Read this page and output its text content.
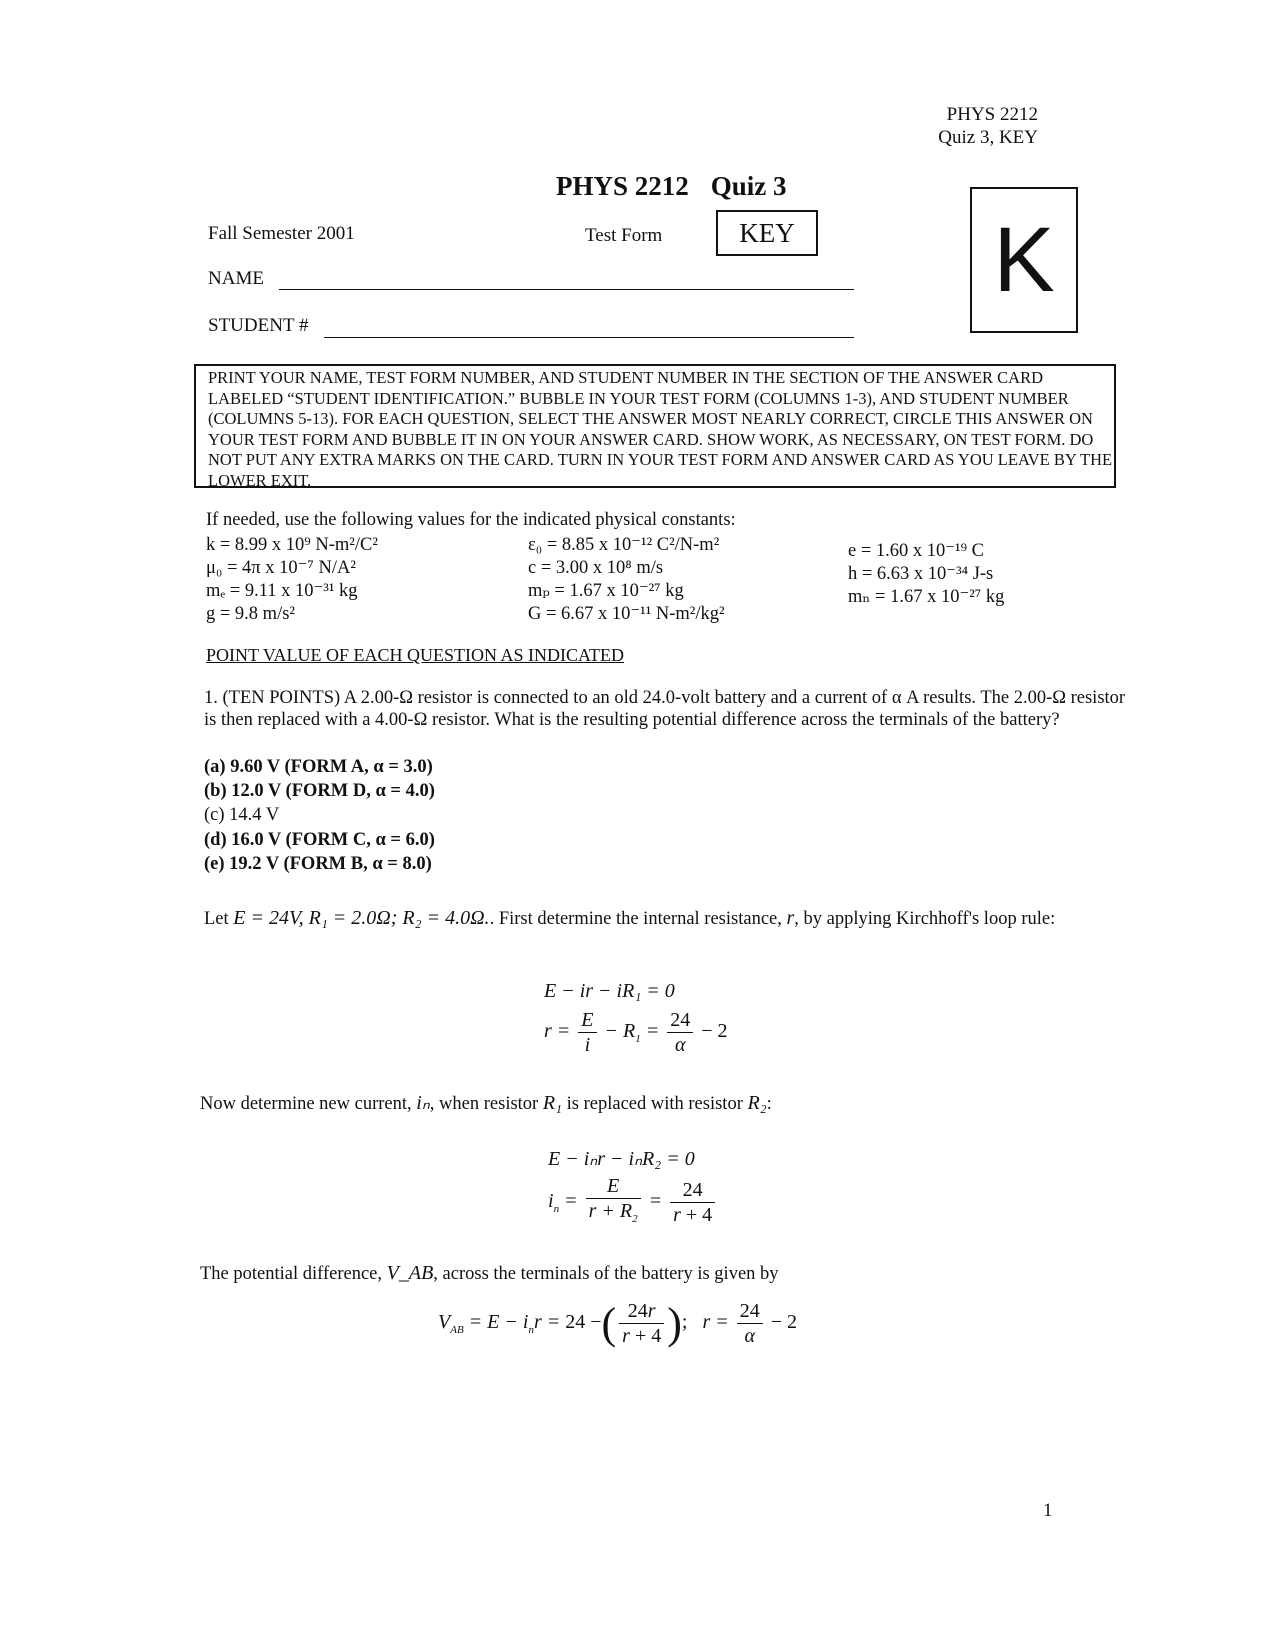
PHYS 2212
Quiz 3, KEY
PHYS 2212 Quiz 3
K
Fall Semester 2001	Test Form	KEY
NAME
STUDENT #
PRINT YOUR NAME, TEST FORM NUMBER, AND STUDENT NUMBER IN THE SECTION OF THE ANSWER CARD LABELED “STUDENT IDENTIFICATION.” BUBBLE IN YOUR TEST FORM (COLUMNS 1-3), AND STUDENT NUMBER (COLUMNS 5-13). FOR EACH QUESTION, SELECT THE ANSWER MOST NEARLY CORRECT, CIRCLE THIS ANSWER ON YOUR TEST FORM AND BUBBLE IT IN ON YOUR ANSWER CARD. SHOW WORK, AS NECESSARY, ON TEST FORM. DO NOT PUT ANY EXTRA MARKS ON THE CARD. TURN IN YOUR TEST FORM AND ANSWER CARD AS YOU LEAVE BY THE LOWER EXIT.
If needed, use the following values for the indicated physical constants:
k = 8.99 x 10⁹ N-m²/C²
μ₀ = 4π x 10⁻⁷ N/A²
mₑ = 9.11 x 10⁻³¹ kg
g = 9.8 m/s²
ε₀ = 8.85 x 10⁻¹² C²/N-m²
c = 3.00 x 10⁸ m/s
mₚ = 1.67 x 10⁻²⁷ kg
G = 6.67 x 10⁻¹¹ N-m²/kg²
e = 1.60 x 10⁻¹⁹ C
h = 6.63 x 10⁻³⁴ J-s
mₙ = 1.67 x 10⁻²⁷ kg
POINT VALUE OF EACH QUESTION AS INDICATED
1. (TEN POINTS) A 2.00-Ω resistor is connected to an old 24.0-volt battery and a current of α A results. The 2.00-Ω resistor is then replaced with a 4.00-Ω resistor. What is the resulting potential difference across the terminals of the battery?
(a) 9.60 V (FORM A, α = 3.0)
(b) 12.0 V (FORM D, α = 4.0)
(c) 14.4 V
(d) 16.0 V (FORM C, α = 6.0)
(e) 19.2 V (FORM B, α = 8.0)
Let E = 24V, R₁ = 2.0Ω; R₂ = 4.0Ω.. First determine the internal resistance, r, by applying Kirchhoff's loop rule:
E − ir − iR₁ = 0
$r = \frac{E}{i} - R_1 = \frac{24}{\alpha} - 2$
Now determine new current, iₙ, when resistor R₁ is replaced with resistor R₂:
E − iₙr − iₙR₂ = 0
$i_n = \frac{E}{r + R_2} = \frac{24}{r + 4}$
The potential difference, V_AB, across the terminals of the battery is given by
$V_{AB} = E - i_nr = 24$ −( $\frac{24r}{r + 4}$ );   $r = \frac{24}{\alpha} - 2$
1
